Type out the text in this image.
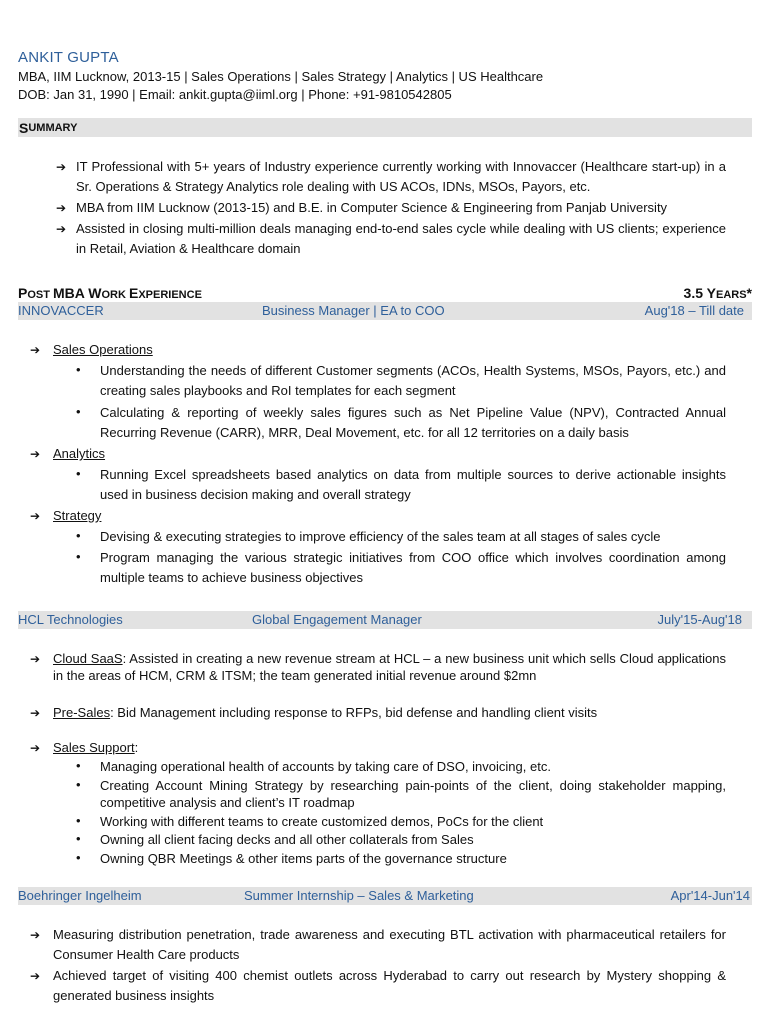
ANKIT GUPTA
MBA, IIM Lucknow, 2013-15 | Sales Operations | Sales Strategy | Analytics | US Healthcare
DOB: Jan 31, 1990 | Email: ankit.gupta@iiml.org | Phone: +91-9810542805
S UMMARY
➔ IT Professional with 5+ years of Industry experience currently working with Innovaccer (Healthcare start-up) in a Sr. Operations & Strategy Analytics role dealing with US ACOs, IDNs, MSOs, Payors, etc.
➔ MBA from IIM Lucknow (2013-15) and B.E. in Computer Science & Engineering from Panjab University
➔ Assisted in closing multi-million deals managing end-to-end sales cycle while dealing with US clients; experience in Retail, Aviation & Healthcare domain
POST MBA WORK EXPERIENCE	3.5 YEARS*
INNOVACCER	Business Manager | EA to COO	Aug'18 – Till date
➔ Sales Operations
• Understanding the needs of different Customer segments (ACOs, Health Systems, MSOs, Payors, etc.) and creating sales playbooks and RoI templates for each segment
• Calculating & reporting of weekly sales figures such as Net Pipeline Value (NPV), Contracted Annual Recurring Revenue (CARR), MRR, Deal Movement, etc. for all 12 territories on a daily basis
➔ Analytics
• Running Excel spreadsheets based analytics on data from multiple sources to derive actionable insights used in business decision making and overall strategy
➔ Strategy
• Devising & executing strategies to improve efficiency of the sales team at all stages of sales cycle
• Program managing the various strategic initiatives from COO office which involves coordination among multiple teams to achieve business objectives
HCL Technologies	Global Engagement Manager	July'15-Aug'18
➔ Cloud SaaS: Assisted in creating a new revenue stream at HCL – a new business unit which sells Cloud applications in the areas of HCM, CRM & ITSM; the team generated initial revenue around $2mn
➔ Pre-Sales: Bid Management including response to RFPs, bid defense and handling client visits
➔ Sales Support:
• Managing operational health of accounts by taking care of DSO, invoicing, etc.
• Creating Account Mining Strategy by researching pain-points of the client, doing stakeholder mapping, competitive analysis and client’s IT roadmap
• Working with different teams to create customized demos, PoCs for the client
• Owning all client facing decks and all other collaterals from Sales
• Owning QBR Meetings & other items parts of the governance structure
Boehringer Ingelheim	Summer Internship – Sales & Marketing	Apr'14-Jun'14
➔ Measuring distribution penetration, trade awareness and executing BTL activation with pharmaceutical retailers for Consumer Health Care products
➔ Achieved target of visiting 400 chemist outlets across Hyderabad to carry out research by Mystery shopping & generated business insights
